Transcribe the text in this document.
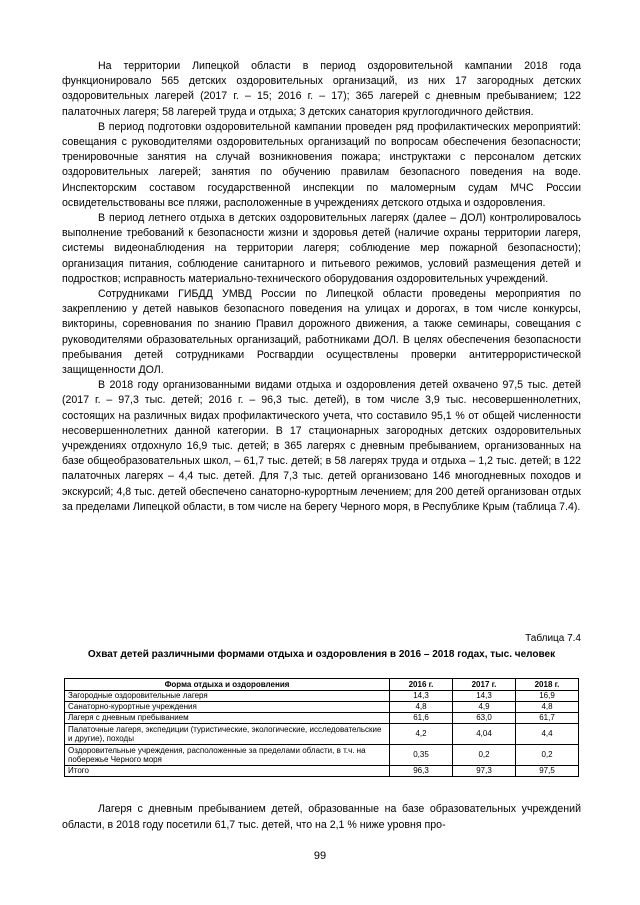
На территории Липецкой области в период оздоровительной кампании 2018 года функционировало 565 детских оздоровительных организаций, из них 17 загородных детских оздоровительных лагерей (2017 г. – 15; 2016 г. – 17); 365 лагерей с дневным пребыванием; 122 палаточных лагеря; 58 лагерей труда и отдыха; 3 детских санатория круглогодичного действия.

В период подготовки оздоровительной кампании проведен ряд профилактических мероприятий: совещания с руководителями оздоровительных организаций по вопросам обеспечения безопасности; тренировочные занятия на случай возникновения пожара; инструктажи с персоналом детских оздоровительных лагерей; занятия по обучению правилам безопасного поведения на воде. Инспекторским составом государственной инспекции по маломерным судам МЧС России освидетельствованы все пляжи, расположенные в учреждениях детского отдыха и оздоровления.

В период летнего отдыха в детских оздоровительных лагерях (далее – ДОЛ) контролировалось выполнение требований к безопасности жизни и здоровья детей (наличие охраны территории лагеря, системы видеонаблюдения на территории лагеря; соблюдение мер пожарной безопасности); организация питания, соблюдение санитарного и питьевого режимов, условий размещения детей и подростков; исправность материально-технического оборудования оздоровительных учреждений.

Сотрудниками ГИБДД УМВД России по Липецкой области проведены мероприятия по закреплению у детей навыков безопасного поведения на улицах и дорогах, в том числе конкурсы, викторины, соревнования по знанию Правил дорожного движения, а также семинары, совещания с руководителями образовательных организаций, работниками ДОЛ. В целях обеспечения безопасности пребывания детей сотрудниками Росгвардии осуществлены проверки антитеррористической защищенности ДОЛ.

В 2018 году организованными видами отдыха и оздоровления детей охвачено 97,5 тыс. детей (2017 г. – 97,3 тыс. детей; 2016 г. – 96,3 тыс. детей), в том числе 3,9 тыс. несовершеннолетних, состоящих на различных видах профилактического учета, что составило 95,1 % от общей численности несовершеннолетних данной категории. В 17 стационарных загородных детских оздоровительных учреждениях отдохнуло 16,9 тыс. детей; в 365 лагерях с дневным пребыванием, организованных на базе общеобразовательных школ, – 61,7 тыс. детей; в 58 лагерях труда и отдыха – 1,2 тыс. детей; в 122 палаточных лагерях – 4,4 тыс. детей. Для 7,3 тыс. детей организовано 146 многодневных походов и экскурсий; 4,8 тыс. детей обеспечено санаторно-курортным лечением; для 200 детей организован отдых за пределами Липецкой области, в том числе на берегу Черного моря, в Республике Крым (таблица 7.4).

Таблица 7.4
Охват детей различными формами отдыха и оздоровления в 2016 – 2018 годах, тыс. человек
Форма отдыха и оздоровления	2016 г.	2017 г.	2018 г.
Загородные оздоровительные лагеря	14,3	14,3	16,9
Санаторно-курортные учреждения	4,8	4,9	4,8
Лагеря с дневным пребыванием	61,6	63,0	61,7
Палаточные лагеря, экспедиции (туристические, экологические, исследовательские и другие), походы	4,2	4,04	4,4
Оздоровительные учреждения, расположенные за пределами области, в т.ч. на побережье Черного моря	0,35	0,2	0,2
Итого	96,3	97,3	97,5

Лагеря с дневным пребыванием детей, образованные на базе образовательных учреждений области, в 2018 году посетили 61,7 тыс. детей, что на 2,1 % ниже уровня про-

99
